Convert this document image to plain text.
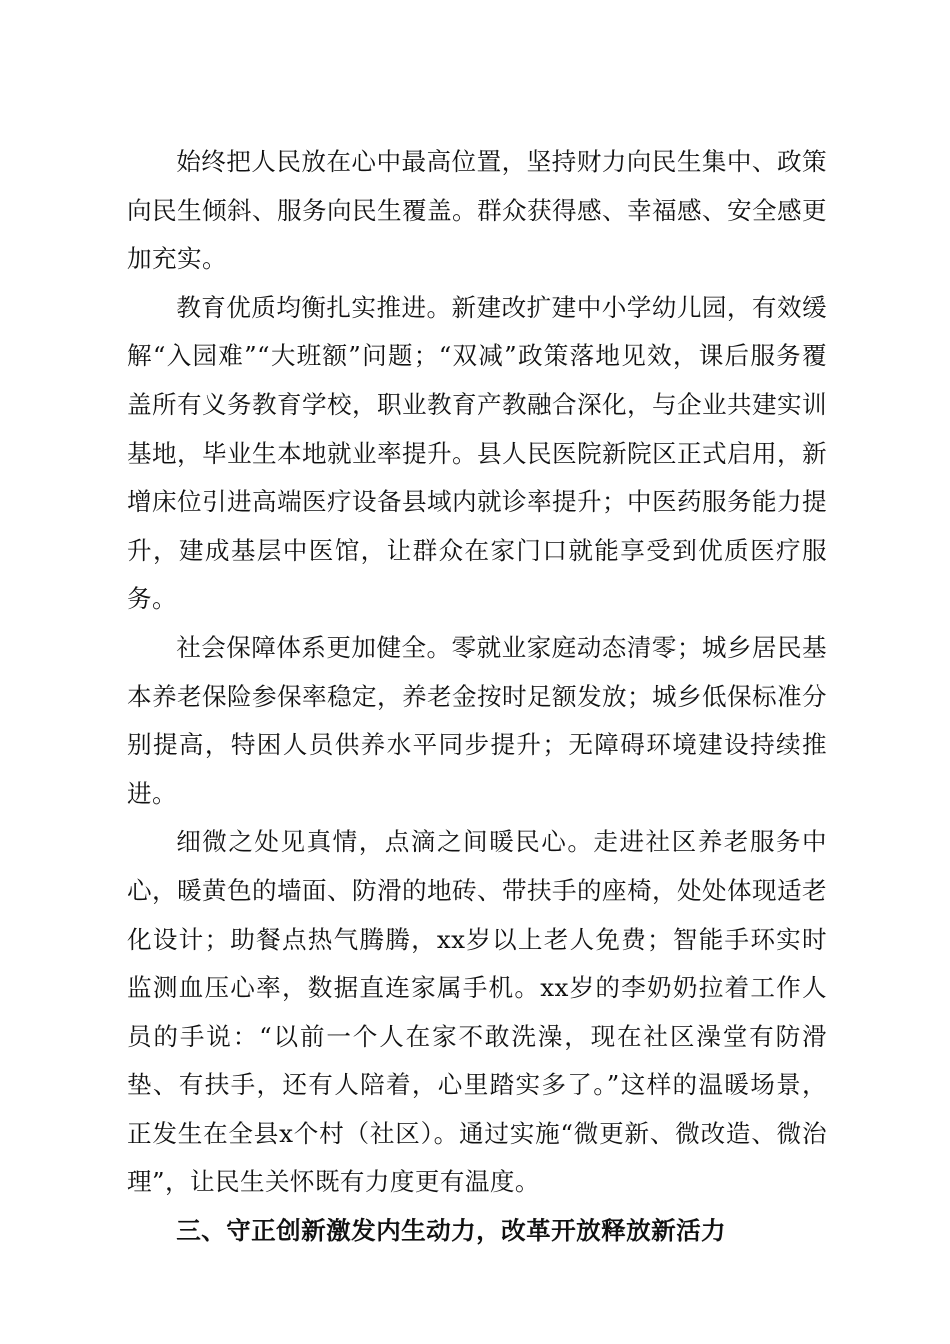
始终把人民放在心中最高位置，坚持财力向民生集中、政策向民生倾斜、服务向民生覆盖。群众获得感、幸福感、安全感更加充实。

教育优质均衡扎实推进。新建改扩建中小学幼儿园，有效缓解“入园难”“大班额”问题；“双减”政策落地见效，课后服务覆盖所有义务教育学校，职业教育产教融合深化，与企业共建实训基地，毕业生本地就业率提升。县人民医院新院区正式启用，新增床位引进高端医疗设备县域内就诊率提升；中医药服务能力提升，建成基层中医馆，让群众在家门口就能享受到优质医疗服务。

社会保障体系更加健全。零就业家庭动态清零；城乡居民基本养老保险参保率稳定，养老金按时足额发放；城乡低保标准分别提高，特困人员供养水平同步提升；无障碍环境建设持续推进。

细微之处见真情，点滴之间暖民心。走进社区养老服务中心，暖黄色的墙面、防滑的地砖、带扶手的座椅，处处体现适老化设计；助餐点热气腾腾，xx岁以上老人免费；智能手环实时监测血压心率，数据直连家属手机。xx岁的李奶奶拉着工作人员的手说：“以前一个人在家不敢洗澡，现在社区澡堂有防滑垫、有扶手，还有人陪着，心里踏实多了。”这样的温暖场景，正发生在全县x个村（社区）。通过实施“微更新、微改造、微治理”，让民生关怀既有力度更有温度。

三、守正创新激发内生动力，改革开放释放新活力
